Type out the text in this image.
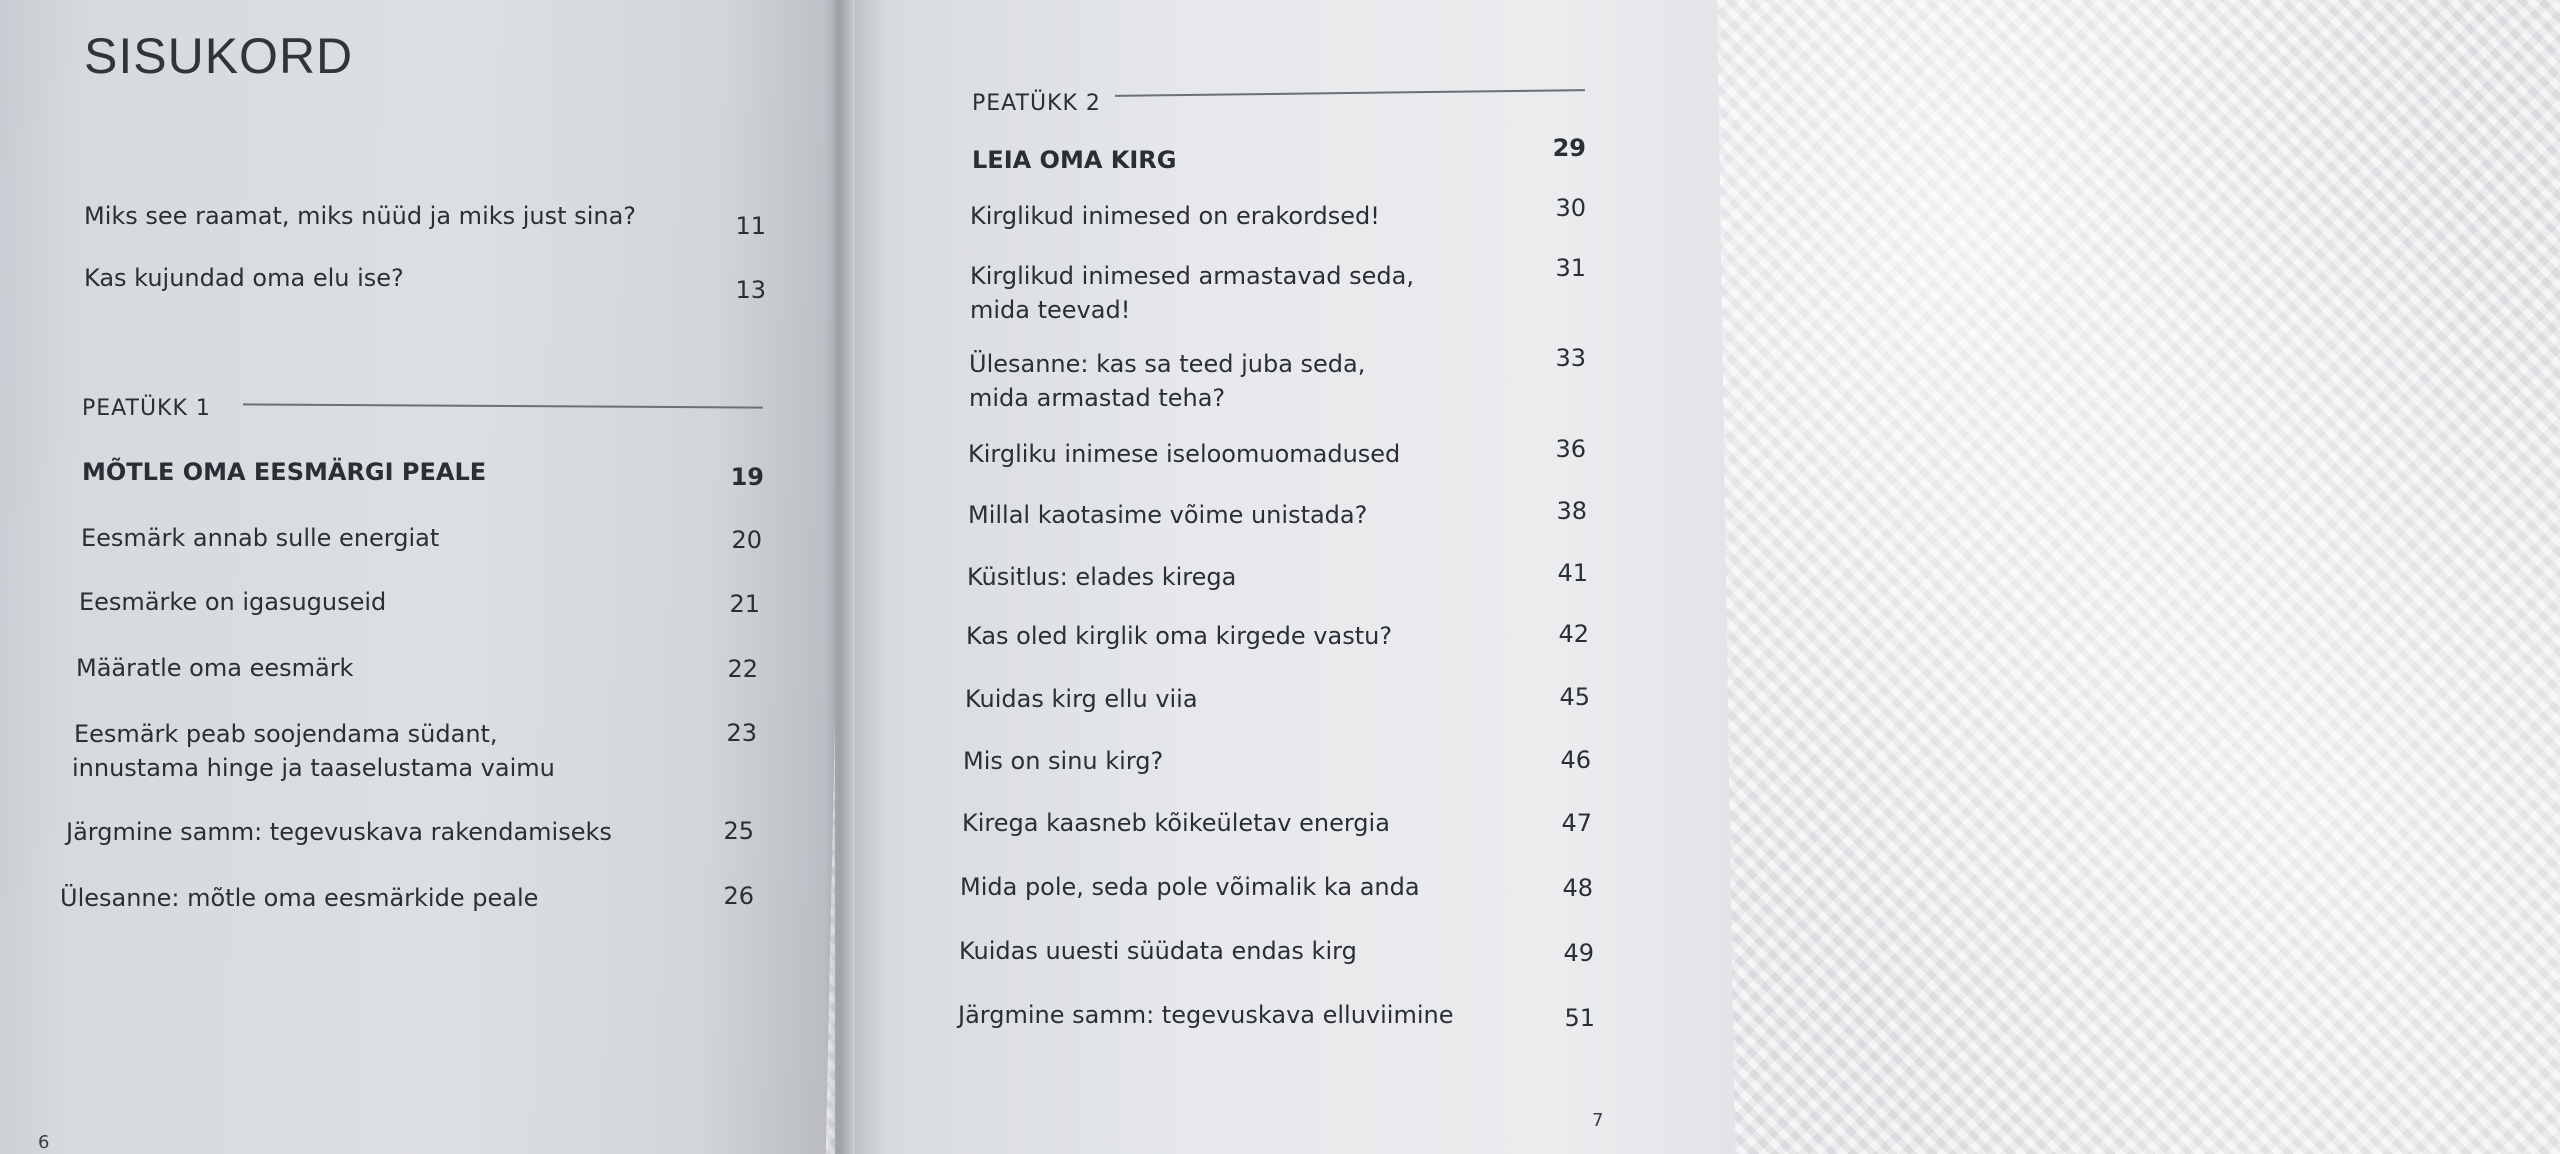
SISUKORD
Miks see raamat, miks nüüd ja miks just sina?	11
Kas kujundad oma elu ise?	13
PEATÜKK 1
MÕTLE OMA EESMÄRGI PEALE	19
Eesmärk annab sulle energiat	20
Eesmärke on igasuguseid	21
Määratle oma eesmärk	22
Eesmärk peab soojendama südant,
innustama hinge ja taaselustama vaimu
23
Järgmine samm: tegevuskava rakendamiseks	25
Ülesanne: mõtle oma eesmärkide peale	26
6
PEATÜKK 2
LEIA OMA KIRG	29
Kirglikud inimesed on erakordsed!	30
Kirglikud inimesed armastavad seda,
mida teevad!
31
Ülesanne: kas sa teed juba seda,
mida armastad teha?
33
Kirgliku inimese iseloomuomadused	36
Millal kaotasime võime unistada?	38
Küsitlus: elades kirega	41
Kas oled kirglik oma kirgede vastu?	42
Kuidas kirg ellu viia	45
Mis on sinu kirg?	46
Kirega kaasneb kõikeületav energia	47
Mida pole, seda pole võimalik ka anda	48
Kuidas uuesti süüdata endas kirg	49
Järgmine samm: tegevuskava elluviimine	51
7
